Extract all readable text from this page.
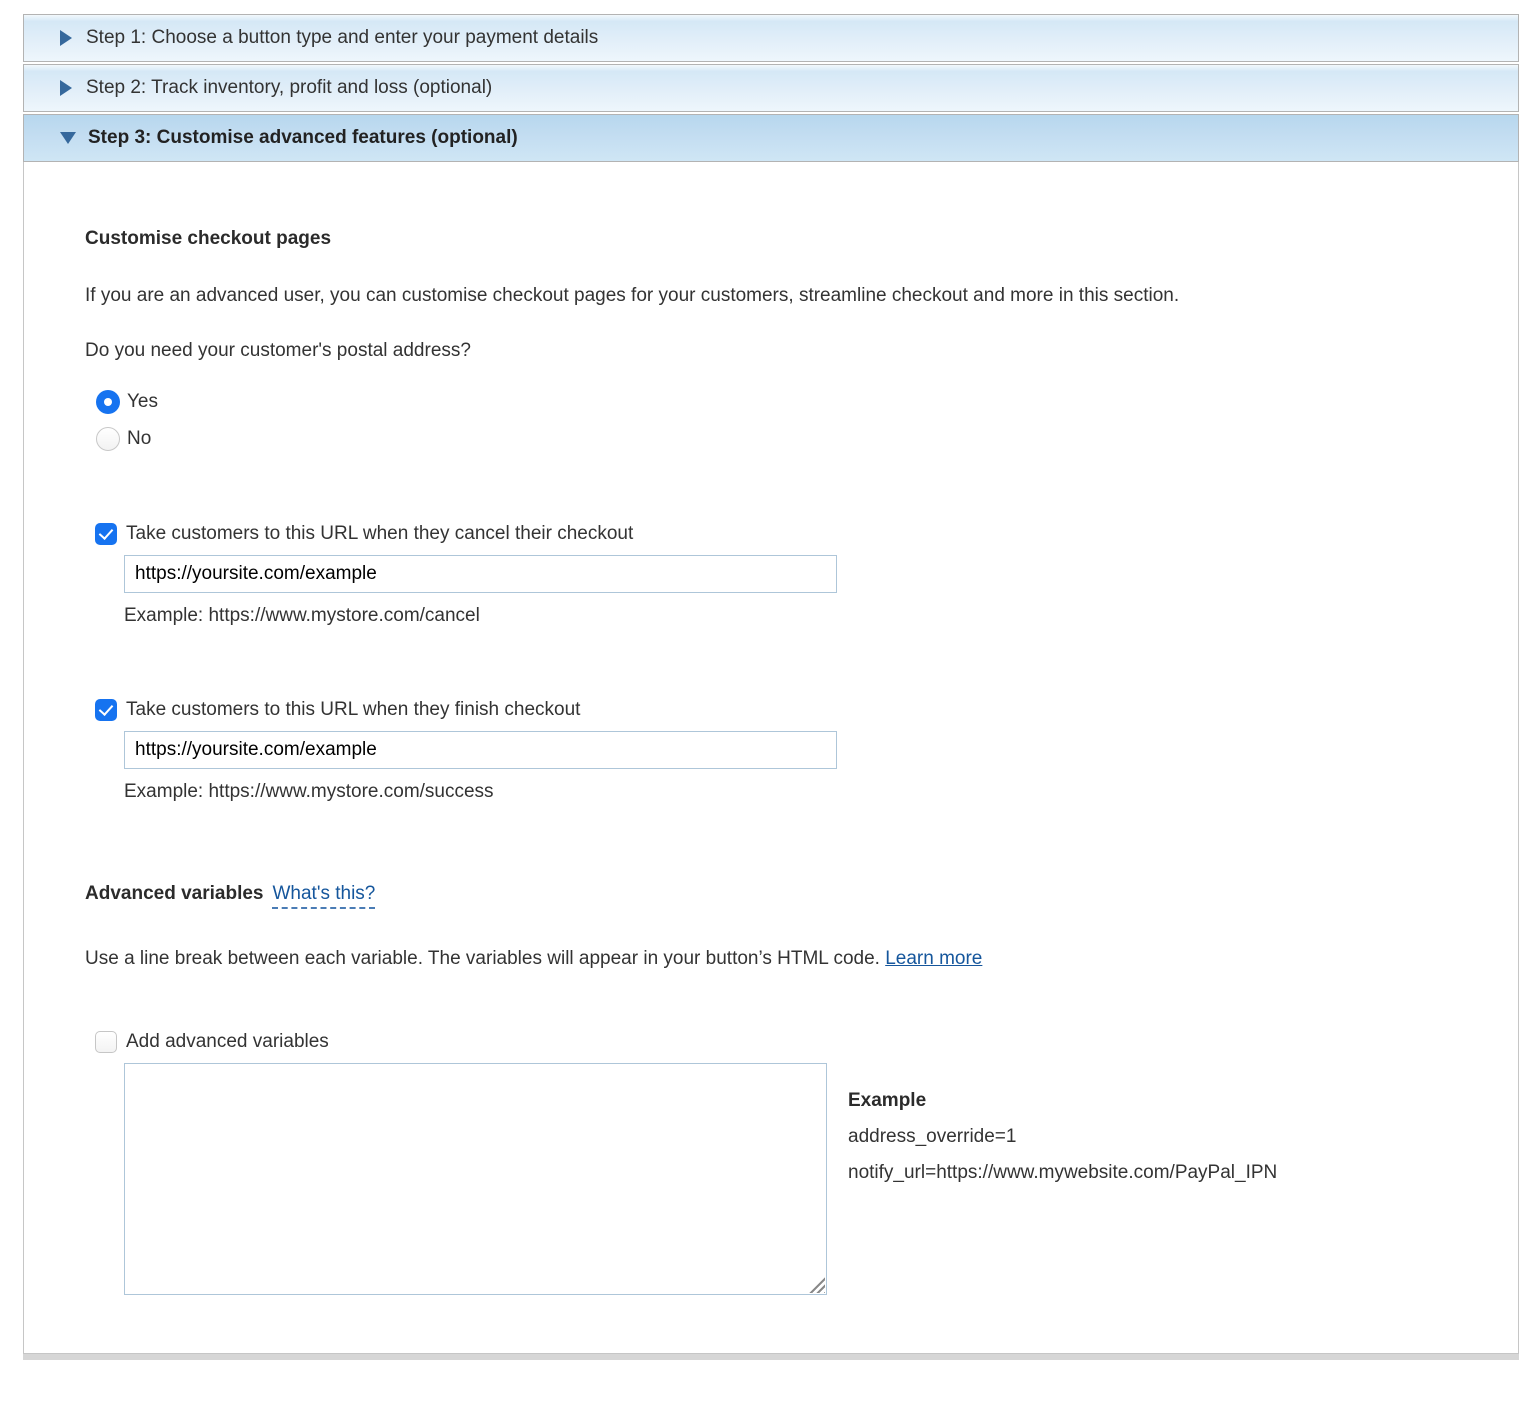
Step 1: Choose a button type and enter your payment details
Step 2: Track inventory, profit and loss (optional)
Step 3: Customise advanced features (optional)
Customise checkout pages
If you are an advanced user, you can customise checkout pages for your customers, streamline checkout and more in this section.
Do you need your customer's postal address?
Yes
No
Take customers to this URL when they cancel their checkout
https://yoursite.com/example
Example: https://www.mystore.com/cancel
Take customers to this URL when they finish checkout
https://yoursite.com/example
Example: https://www.mystore.com/success
Advanced variables What's this?
Use a line break between each variable. The variables will appear in your button’s HTML code. Learn more
Add advanced variables
Example
address_override=1
notify_url=https://www.mywebsite.com/PayPal_IPN
